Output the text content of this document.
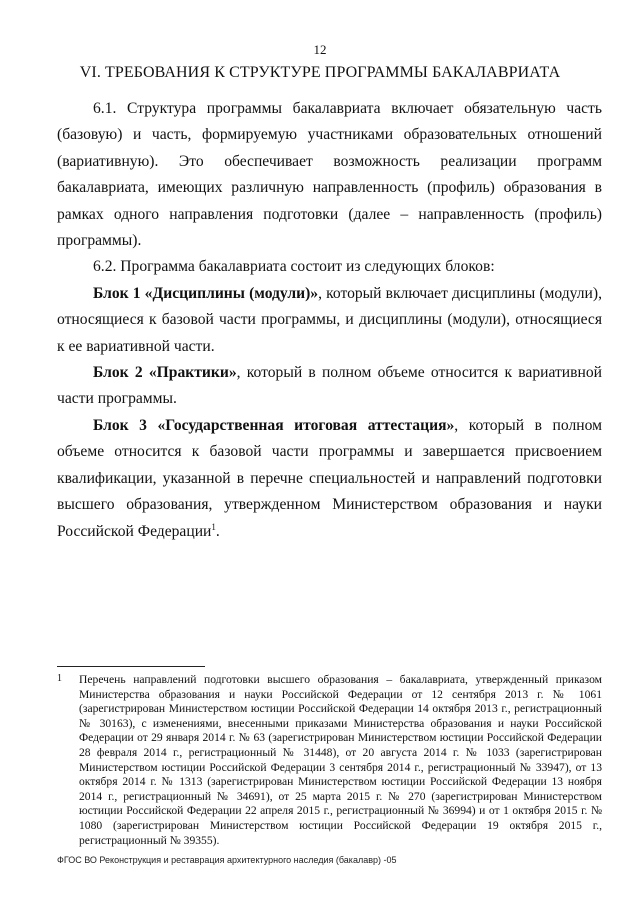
12
VI. ТРЕБОВАНИЯ К СТРУКТУРЕ ПРОГРАММЫ БАКАЛАВРИАТА

6.1. Структура программы бакалавриата включает обязательную часть (базовую) и часть, формируемую участниками образовательных отношений (вариативную). Это обеспечивает возможность реализации программ бакалавриата, имеющих различную направленность (профиль) образования в рамках одного направления подготовки (далее – направленность (профиль) программы).

6.2. Программа бакалавриата состоит из следующих блоков:

Блок 1 «Дисциплины (модули)», который включает дисциплины (модули), относящиеся к базовой части программы, и дисциплины (модули), относящиеся к ее вариативной части.

Блок 2 «Практики», который в полном объеме относится к вариативной части программы.

Блок 3 «Государственная итоговая аттестация», который в полном объеме относится к базовой части программы и завершается присвоением квалификации, указанной в перечне специальностей и направлений подготовки высшего образования, утвержденном Министерством образования и науки Российской Федерации$^1$.

1 Перечень направлений подготовки высшего образования – бакалавриата, утвержденный приказом Министерства образования и науки Российской Федерации от 12 сентября 2013 г. № 1061 (зарегистрирован Министерством юстиции Российской Федерации 14 октября 2013 г., регистрационный № 30163), с изменениями, внесенными приказами Министерства образования и науки Российской Федерации от 29 января 2014 г. № 63 (зарегистрирован Министерством юстиции Российской Федерации 28 февраля 2014 г., регистрационный № 31448), от 20 августа 2014 г. № 1033 (зарегистрирован Министерством юстиции Российской Федерации 3 сентября 2014 г., регистрационный № 33947), от 13 октября 2014 г. № 1313 (зарегистрирован Министерством юстиции Российской Федерации 13 ноября 2014 г., регистрационный № 34691), от 25 марта 2015 г. № 270 (зарегистрирован Министерством юстиции Российской Федерации 22 апреля 2015 г., регистрационный № 36994) и от 1 октября 2015 г. № 1080 (зарегистрирован Министерством юстиции Российской Федерации 19 октября 2015 г., регистрационный № 39355).
ФГОС ВО Реконструкция и реставрация архитектурного наследия (бакалавр) -05
